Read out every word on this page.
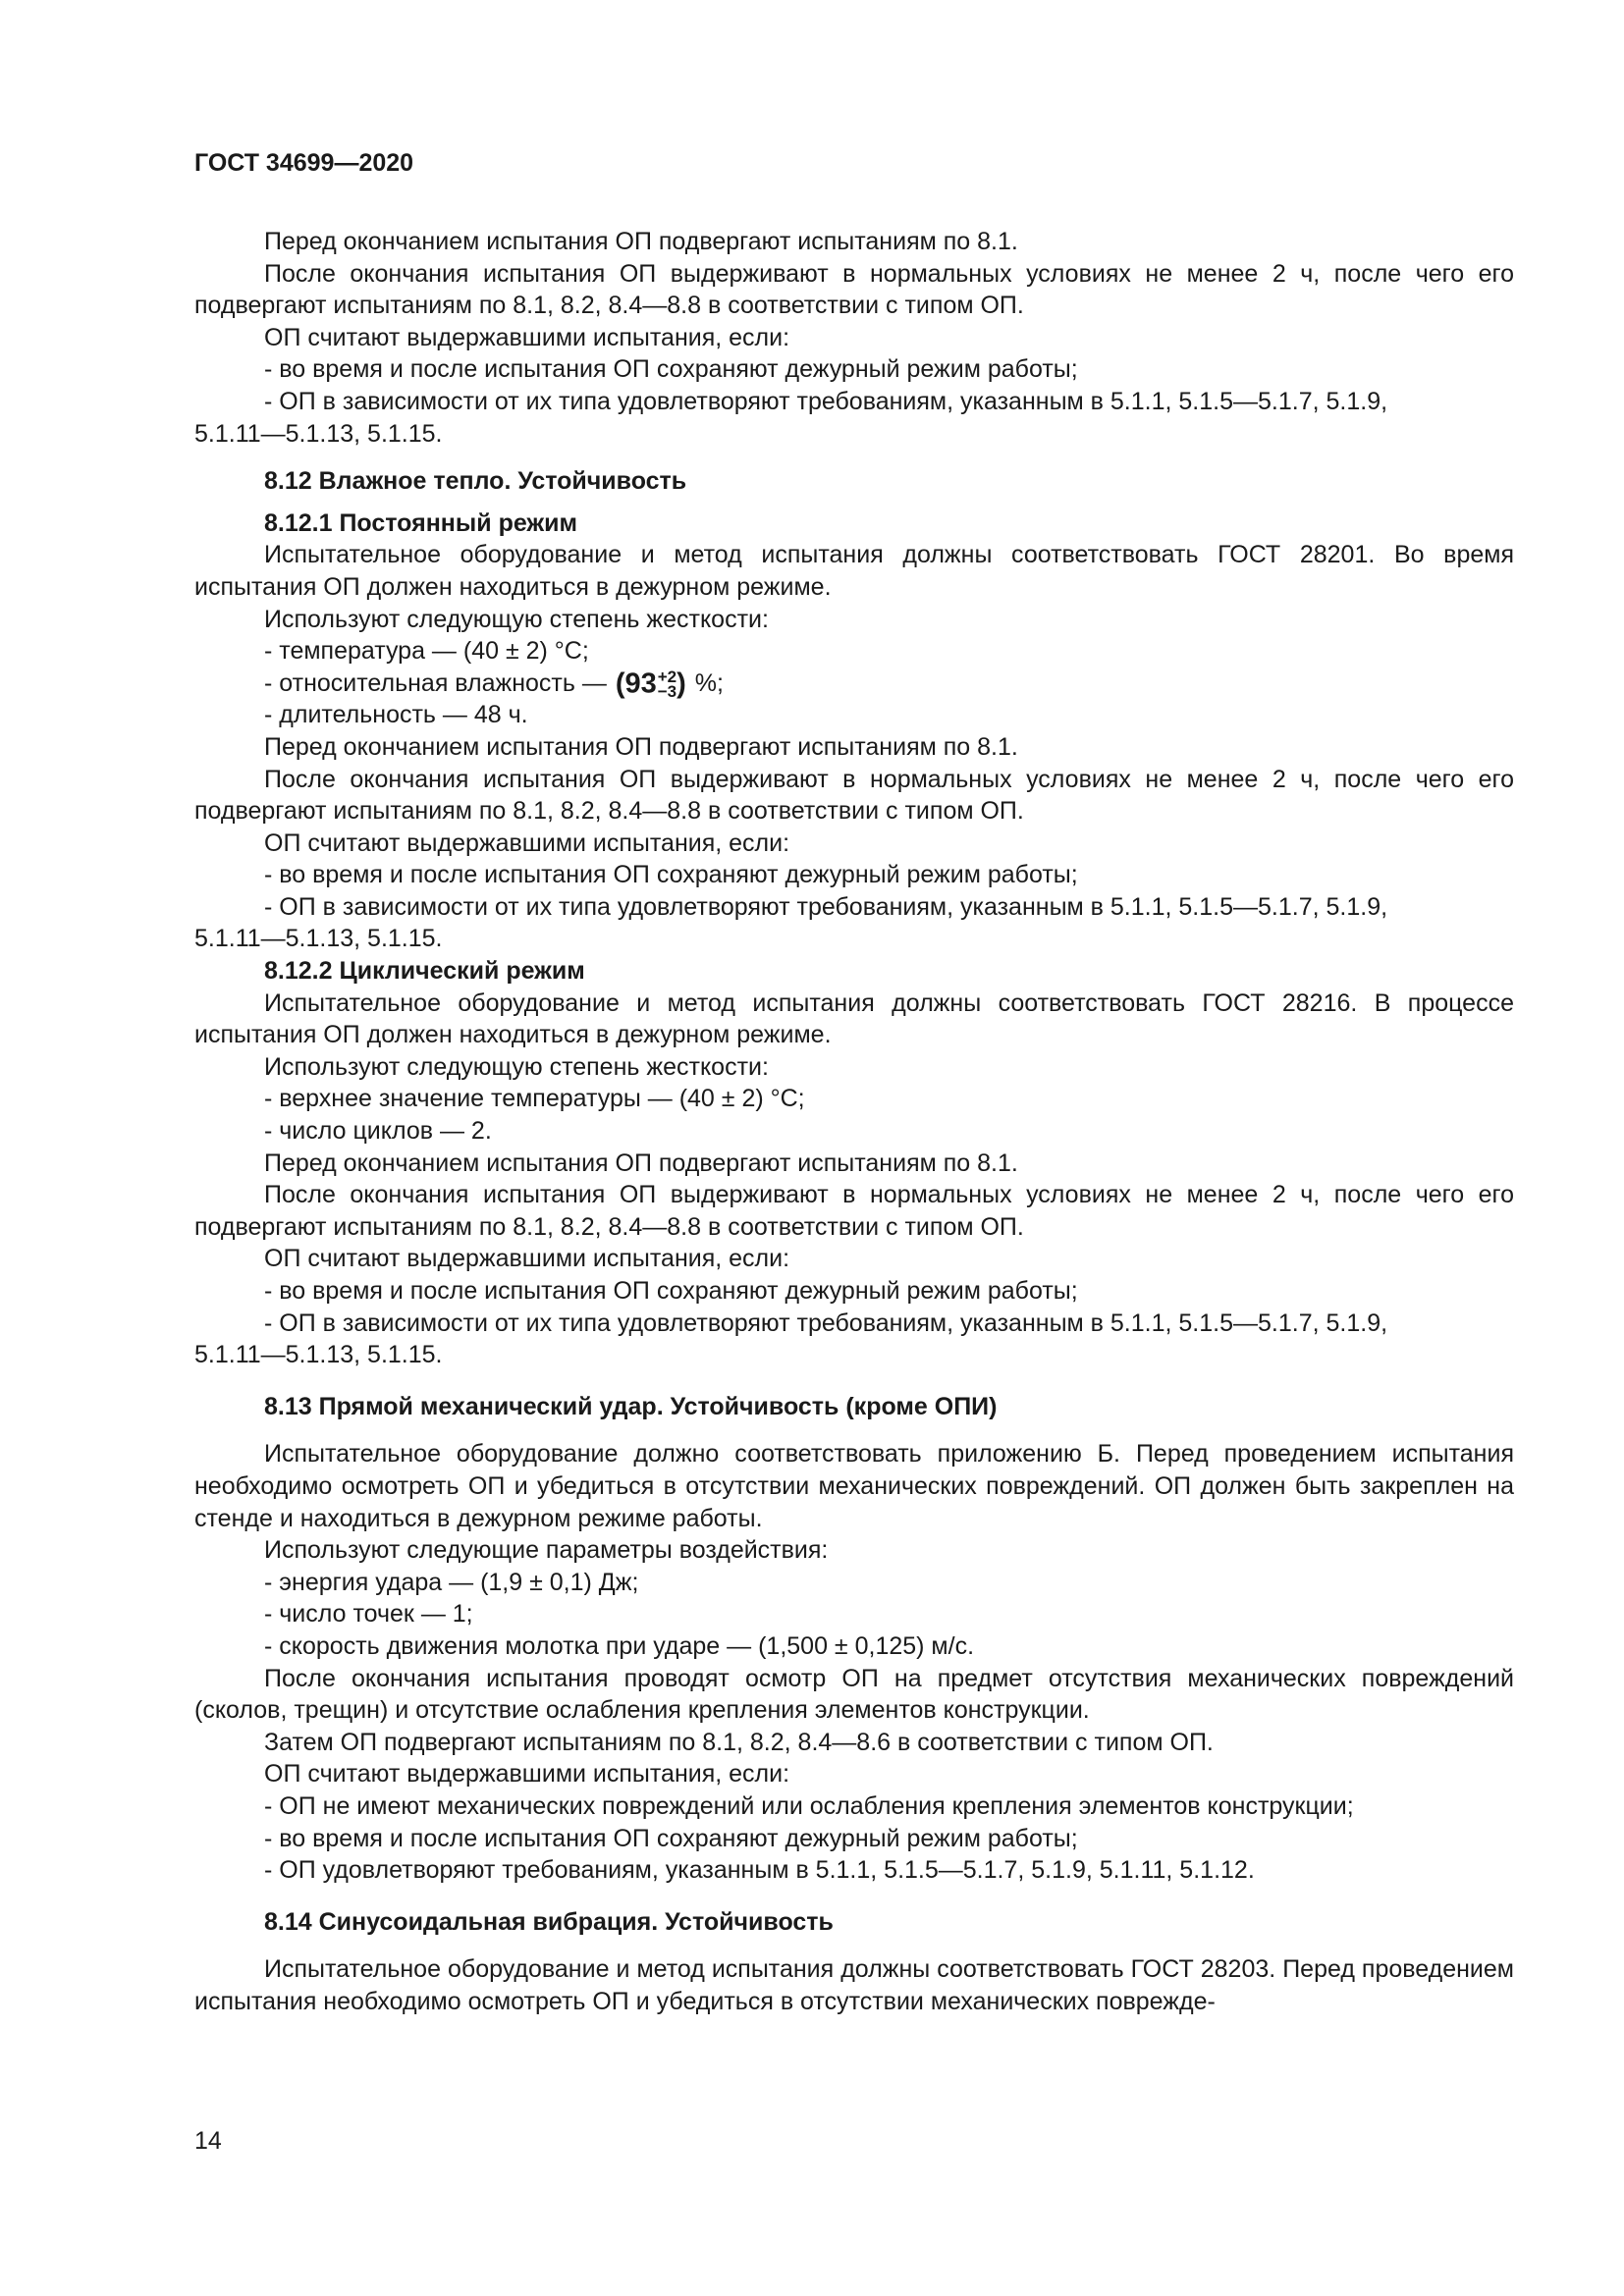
ГОСТ 34699—2020

Перед окончанием испытания ОП подвергают испытаниям по 8.1.

После окончания испытания ОП выдерживают в нормальных условиях не менее 2 ч, после чего его подвергают испытаниям по 8.1, 8.2, 8.4—8.8 в соответствии с типом ОП.

ОП считают выдержавшими испытания, если:

- во время и после испытания ОП сохраняют дежурный режим работы;

- ОП в зависимости от их типа удовлетворяют требованиям, указанным в 5.1.1, 5.1.5—5.1.7, 5.1.9,

5.1.11—5.1.13, 5.1.15.

8.12 Влажное тепло. Устойчивость

8.12.1 Постоянный режим

Испытательное оборудование и метод испытания должны соответствовать ГОСТ 28201. Во время испытания ОП должен находиться в дежурном режиме.

Используют следующую степень жесткости:

- температура — (40 ± 2) °С;

- относительная влажность — (93 +2
−3 ) %;

- длительность — 48 ч.

Перед окончанием испытания ОП подвергают испытаниям по 8.1.

После окончания испытания ОП выдерживают в нормальных условиях не менее 2 ч, после чего его подвергают испытаниям по 8.1, 8.2, 8.4—8.8 в соответствии с типом ОП.

ОП считают выдержавшими испытания, если:

- во время и после испытания ОП сохраняют дежурный режим работы;

- ОП в зависимости от их типа удовлетворяют требованиям, указанным в 5.1.1, 5.1.5—5.1.7, 5.1.9,

5.1.11—5.1.13, 5.1.15.

8.12.2 Циклический режим

Испытательное оборудование и метод испытания должны соответствовать ГОСТ 28216. В процессе испытания ОП должен находиться в дежурном режиме.

Используют следующую степень жесткости:

- верхнее значение температуры — (40 ± 2) °С;

- число циклов — 2.

Перед окончанием испытания ОП подвергают испытаниям по 8.1.

После окончания испытания ОП выдерживают в нормальных условиях не менее 2 ч, после чего его подвергают испытаниям по 8.1, 8.2, 8.4—8.8 в соответствии с типом ОП.

ОП считают выдержавшими испытания, если:

- во время и после испытания ОП сохраняют дежурный режим работы;

- ОП в зависимости от их типа удовлетворяют требованиям, указанным в 5.1.1, 5.1.5—5.1.7, 5.1.9,

5.1.11—5.1.13, 5.1.15.

8.13 Прямой механический удар. Устойчивость (кроме ОПИ)

Испытательное оборудование должно соответствовать приложению Б. Перед проведением испытания необходимо осмотреть ОП и убедиться в отсутствии механических повреждений. ОП должен быть закреплен на стенде и находиться в дежурном режиме работы.

Используют следующие параметры воздействия:

- энергия удара — (1,9 ± 0,1) Дж;

- число точек — 1;

- скорость движения молотка при ударе — (1,500 ± 0,125) м/с.

После окончания испытания проводят осмотр ОП на предмет отсутствия механических повреждений (сколов, трещин) и отсутствие ослабления крепления элементов конструкции.

Затем ОП подвергают испытаниям по 8.1, 8.2, 8.4—8.6 в соответствии с типом ОП.

ОП считают выдержавшими испытания, если:

- ОП не имеют механических повреждений или ослабления крепления элементов конструкции;

- во время и после испытания ОП сохраняют дежурный режим работы;

- ОП удовлетворяют требованиям, указанным в 5.1.1, 5.1.5—5.1.7, 5.1.9, 5.1.11, 5.1.12.

8.14 Синусоидальная вибрация. Устойчивость

Испытательное оборудование и метод испытания должны соответствовать ГОСТ 28203. Перед проведением испытания необходимо осмотреть ОП и убедиться в отсутствии механических поврежде-

14
